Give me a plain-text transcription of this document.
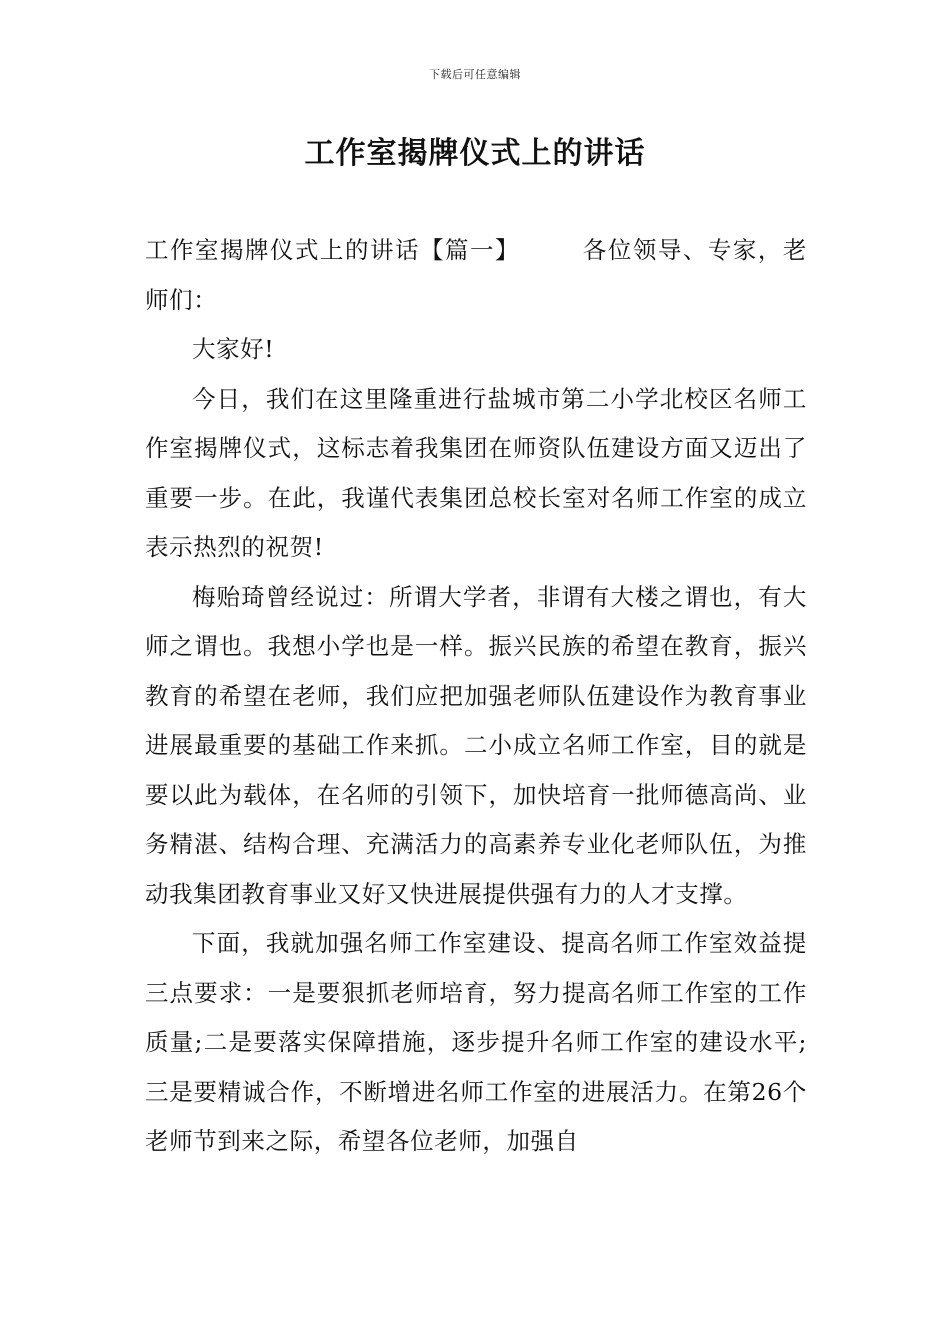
下载后可任意编辑
工作室揭牌仪式上的讲话

工作室揭牌仪式上的讲话【篇一】	各位领导、专家，老师们：

大家好!

今日，我们在这里隆重进行盐城市第二小学北校区名师工作室揭牌仪式，这标志着我集团在师资队伍建设方面又迈出了重要一步。在此，我谨代表集团总校长室对名师工作室的成立表示热烈的祝贺!

梅贻琦曾经说过：所谓大学者，非谓有大楼之谓也，有大师之谓也。我想小学也是一样。振兴民族的希望在教育，振兴教育的希望在老师，我们应把加强老师队伍建设作为教育事业进展最重要的基础工作来抓。二小成立名师工作室，目的就是要以此为载体，在名师的引领下，加快培育一批师德高尚、业务精湛、结构合理、充满活力的高素养专业化老师队伍，为推动我集团教育事业又好又快进展提供强有力的人才支撑。

下面，我就加强名师工作室建设、提高名师工作室效益提三点要求：一是要狠抓老师培育，努力提高名师工作室的工作质量;二是要落实保障措施，逐步提升名师工作室的建设水平;三是要精诚合作，不断增进名师工作室的进展活力。在第26个老师节到来之际，希望各位老师，加强自
